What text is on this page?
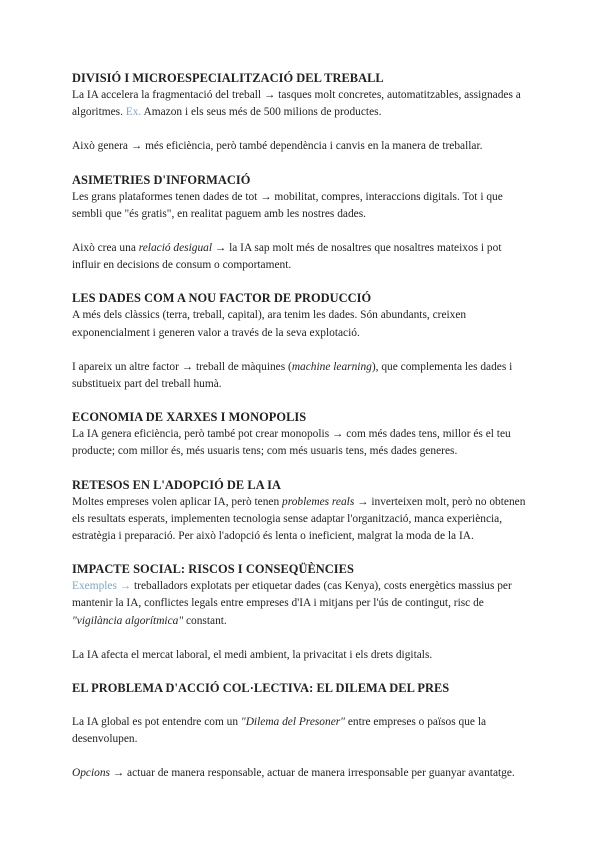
DIVISIÓ I MICROESPECIALITZACIÓ DEL TREBALL

La IA accelera la fragmentació del treball → tasques molt concretes, automatitzables, assignades a algoritmes. Ex. Amazon i els seus més de 500 milions de productes.

Això genera → més eficiència, però també dependència i canvis en la manera de treballar.

ASIMETRIES D'INFORMACIÓ

Les grans plataformes tenen dades de tot → mobilitat, compres, interaccions digitals. Tot i que sembli que "és gratis", en realitat paguem amb les nostres dades.

Això crea una relació desigual → la IA sap molt més de nosaltres que nosaltres mateixos i pot influir en decisions de consum o comportament.

LES DADES COM A NOU FACTOR DE PRODUCCIÓ

A més dels clàssics (terra, treball, capital), ara tenim les dades. Són abundants, creixen exponencialment i generen valor a través de la seva explotació.

I apareix un altre factor → treball de màquines (machine learning), que complementa les dades i substitueix part del treball humà.

ECONOMIA DE XARXES I MONOPOLIS

La IA genera eficiència, però també pot crear monopolis → com més dades tens, millor és el teu producte; com millor és, més usuaris tens; com més usuaris tens, més dades generes.

RETESOS EN L'ADOPCIÓ DE LA IA

Moltes empreses volen aplicar IA, però tenen problemes reals → inverteixen molt, però no obtenen els resultats esperats, implementen tecnologia sense adaptar l'organització, manca experiència, estratègia i preparació. Per això l'adopció és lenta o ineficient, malgrat la moda de la IA.

IMPACTE SOCIAL: RISCOS I CONSEQÜÈNCIES

Exemples → treballadors explotats per etiquetar dades (cas Kenya), costs energètics massius per mantenir la IA, conflictes legals entre empreses d'IA i mitjans per l'ús de contingut, risc de "vigilància algorítmica" constant.

La IA afecta el mercat laboral, el medi ambient, la privacitat i els drets digitals.

EL PROBLEMA D'ACCIÓ COL·LECTIVA: EL DILEMA DEL PRES

La IA global es pot entendre com un "Dilema del Presoner" entre empreses o països que la desenvolupen.

Opcions → actuar de manera responsable, actuar de manera irresponsable per guanyar avantatge.
